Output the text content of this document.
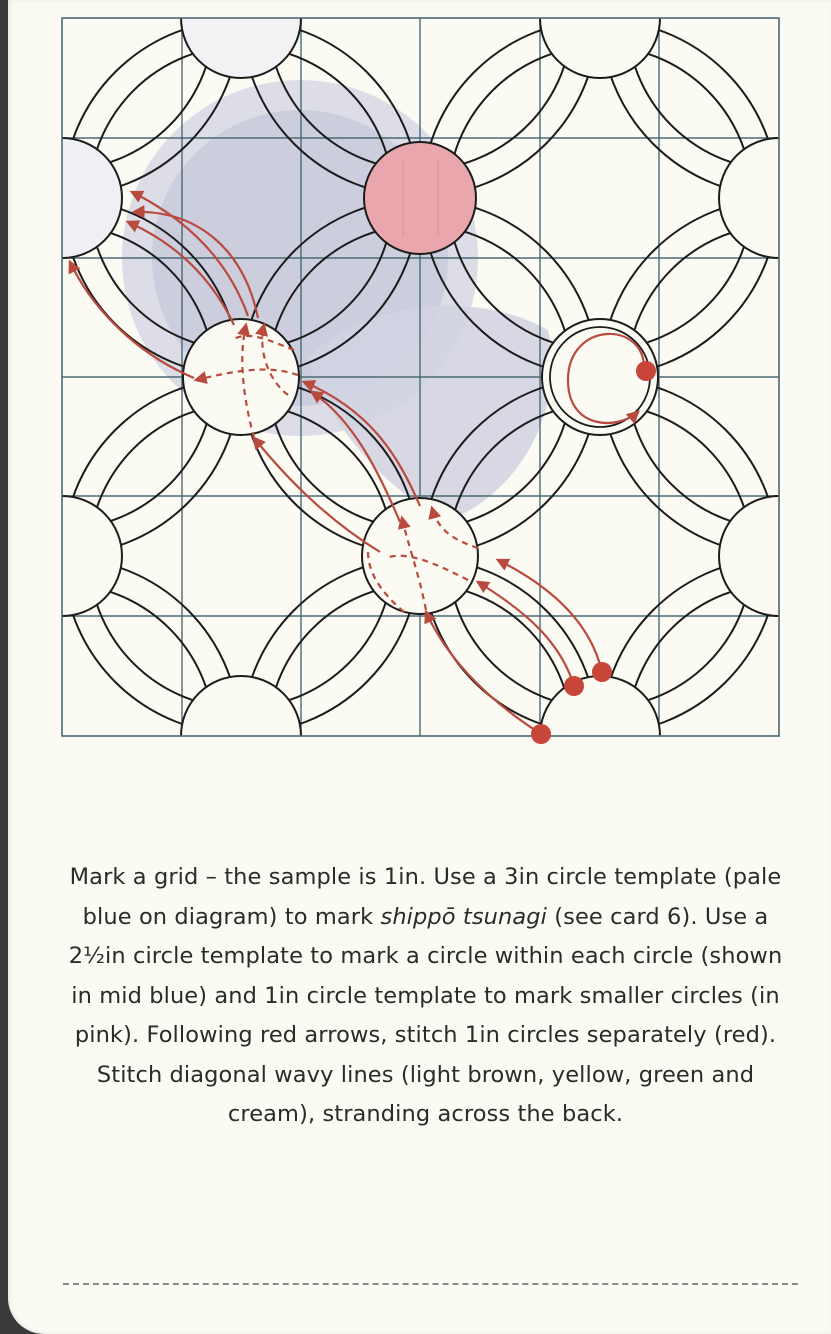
Mark a grid – the sample is 1in. Use a 3in circle template (pale blue on diagram) to mark shippō tsunagi (see card 6). Use a 2½in circle template to mark a circle within each circle (shown in mid blue) and 1in circle template to mark smaller circles (in pink). Following red arrows, stitch 1in circles separately (red). Stitch diagonal wavy lines (light brown, yellow, green and cream), stranding across the back.
